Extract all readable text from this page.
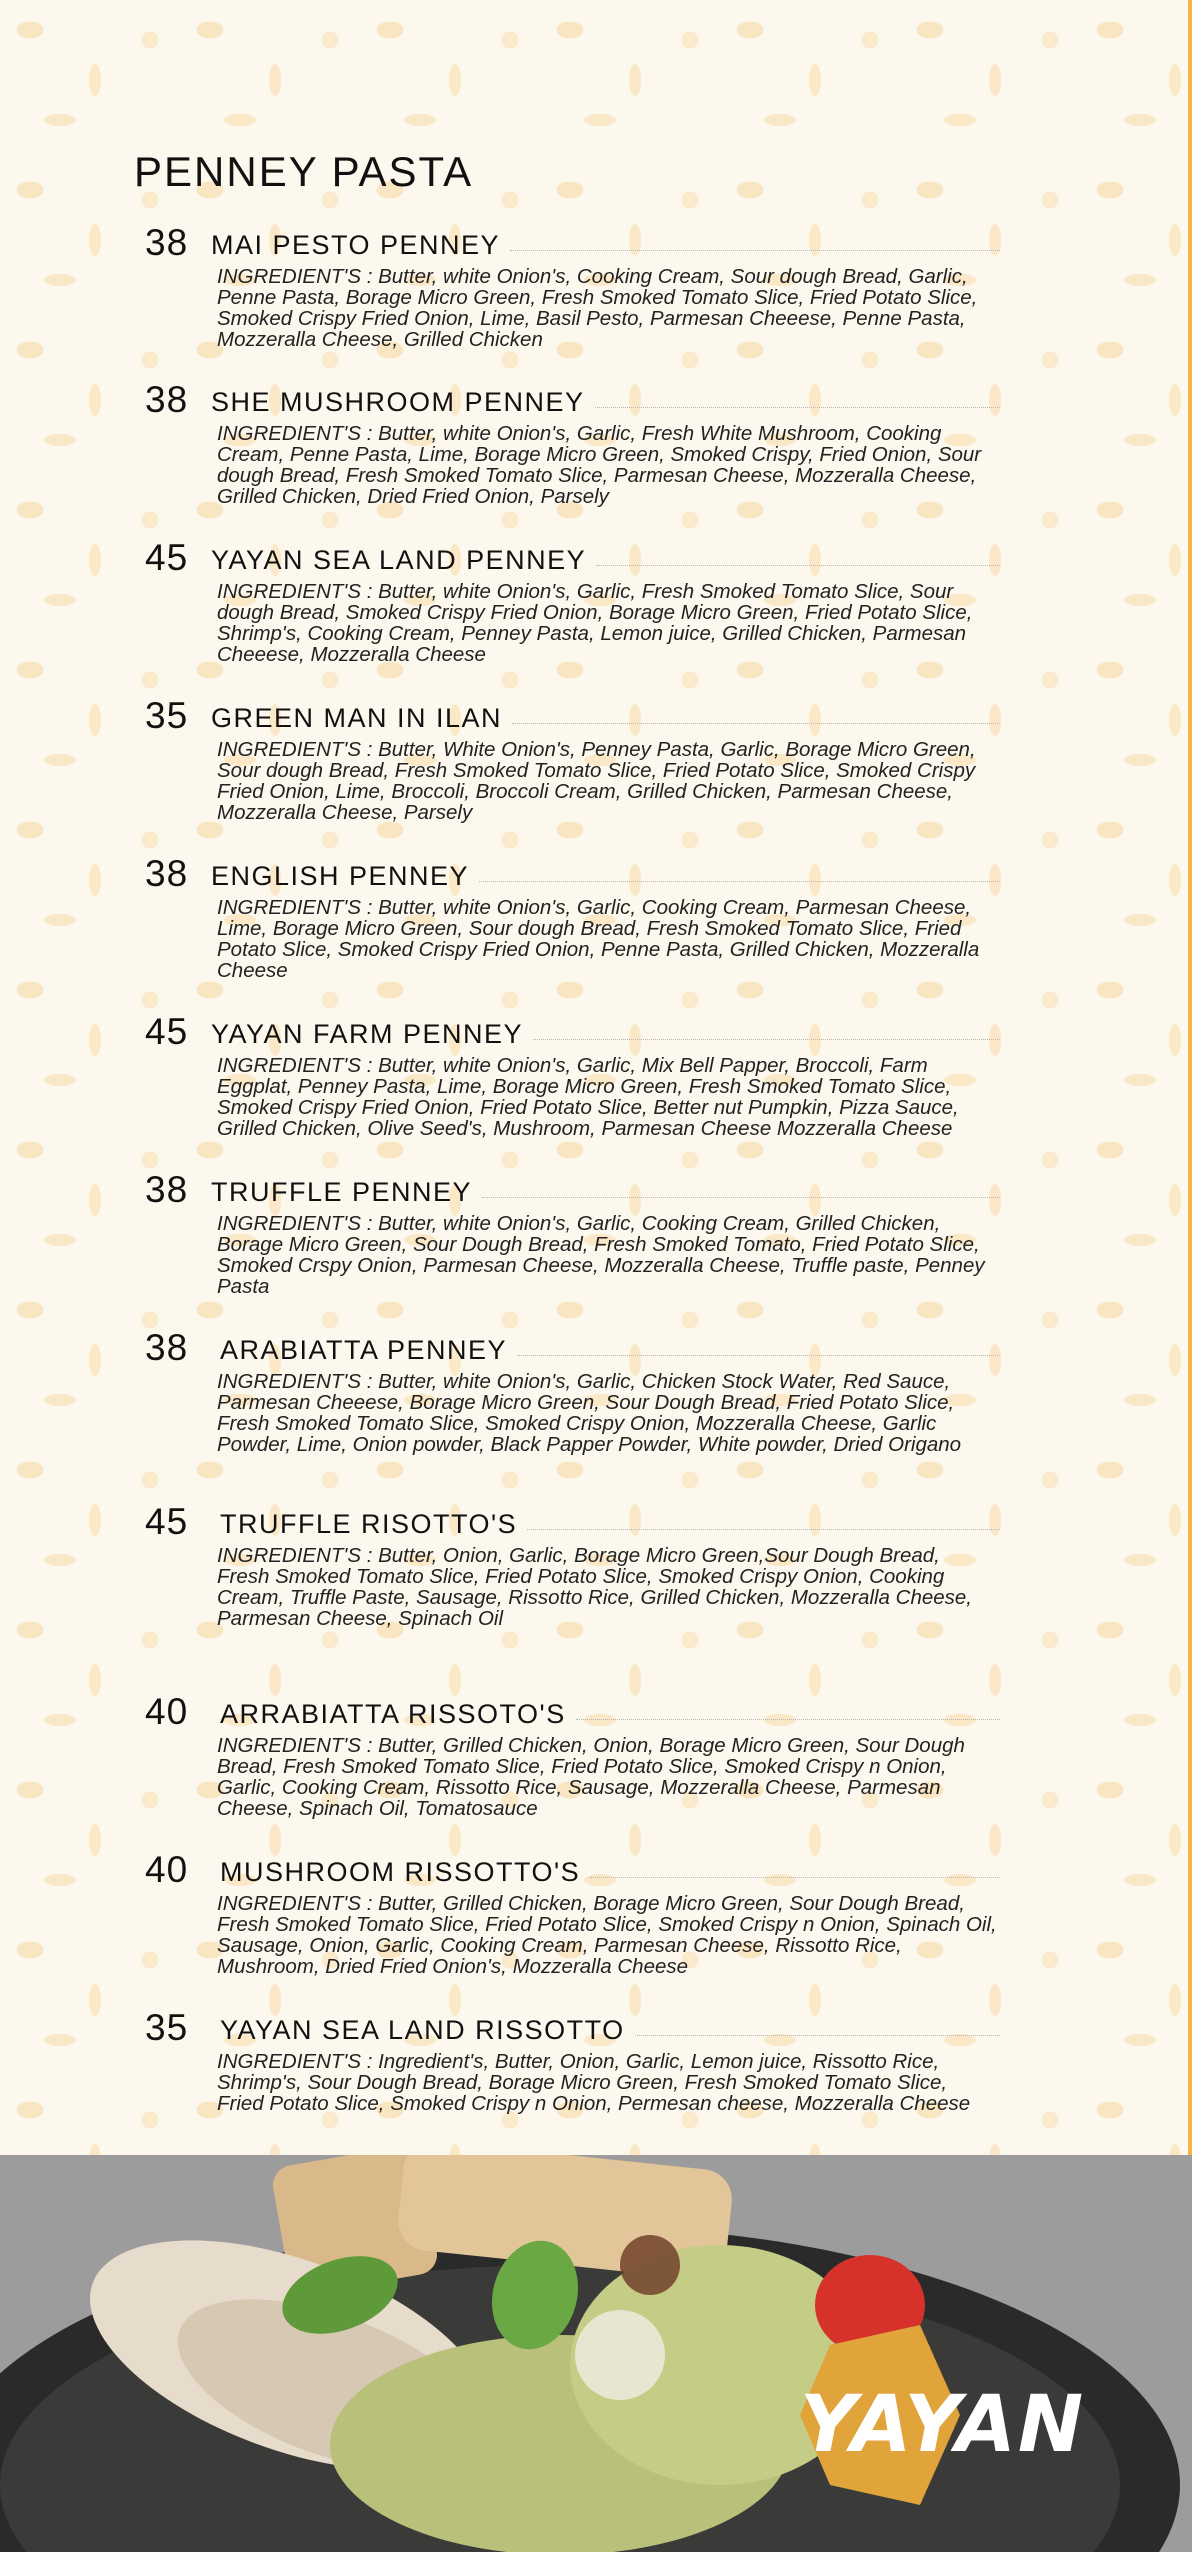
PENNEY PASTA
38 MAI PESTO PENNEY
INGREDIENT'S : Butter, white Onion's, Cooking Cream, Sour dough Bread, Garlic, Penne Pasta, Borage Micro Green, Fresh Smoked Tomato Slice, Fried Potato Slice, Smoked Crispy Fried Onion, Lime, Basil Pesto, Parmesan Cheeese, Penne Pasta, Mozzeralla Cheese, Grilled Chicken
38 SHE MUSHROOM PENNEY
INGREDIENT'S : Butter, white Onion's, Garlic, Fresh White Mushroom, Cooking Cream, Penne Pasta, Lime, Borage Micro Green, Smoked Crispy, Fried Onion, Sour dough Bread, Fresh Smoked Tomato Slice, Parmesan Cheese, Mozzeralla Cheese, Grilled Chicken, Dried Fried Onion, Parsely
45 YAYAN SEA LAND PENNEY
INGREDIENT'S : Butter, white Onion's, Garlic, Fresh Smoked Tomato Slice, Sour dough Bread, Smoked Crispy Fried Onion, Borage Micro Green, Fried Potato Slice, Shrimp's, Cooking Cream, Penney Pasta, Lemon juice, Grilled Chicken, Parmesan Cheeese, Mozzeralla Cheese
35 GREEN MAN IN ILAN
INGREDIENT'S : Butter, White Onion's, Penney Pasta, Garlic, Borage Micro Green, Sour dough Bread, Fresh Smoked Tomato Slice, Fried Potato Slice, Smoked Crispy Fried Onion, Lime, Broccoli, Broccoli Cream, Grilled Chicken, Parmesan Cheese, Mozzeralla Cheese, Parsely
38 ENGLISH PENNEY
INGREDIENT'S : Butter, white Onion's, Garlic, Cooking Cream, Parmesan Cheese, Lime, Borage Micro Green, Sour dough Bread, Fresh Smoked Tomato Slice, Fried Potato Slice, Smoked Crispy Fried Onion, Penne Pasta, Grilled Chicken, Mozzeralla Cheese
45 YAYAN FARM PENNEY
INGREDIENT'S : Butter, white Onion's, Garlic, Mix Bell Papper, Broccoli, Farm Eggplat, Penney Pasta, Lime, Borage Micro Green, Fresh Smoked Tomato Slice, Smoked Crispy Fried Onion, Fried Potato Slice, Better nut Pumpkin, Pizza Sauce, Grilled Chicken, Olive Seed's, Mushroom, Parmesan Cheese Mozzeralla Cheese
38 TRUFFLE PENNEY
INGREDIENT'S : Butter, white Onion's, Garlic, Cooking Cream, Grilled Chicken, Borage Micro Green, Sour Dough Bread, Fresh Smoked Tomato, Fried Potato Slice, Smoked Crspy Onion, Parmesan Cheese, Mozzeralla Cheese, Truffle paste, Penney Pasta
38 ARABIATTA PENNEY
INGREDIENT'S : Butter, white Onion's, Garlic, Chicken Stock Water, Red Sauce, Parmesan Cheeese, Borage Micro Green, Sour Dough Bread, Fried Potato Slice, Fresh Smoked Tomato Slice, Smoked Crispy Onion, Mozzeralla Cheese, Garlic Powder, Lime, Onion powder, Black Papper Powder, White powder, Dried Origano
45 TRUFFLE RISOTTO'S
INGREDIENT'S : Butter, Onion, Garlic, Borage Micro Green,Sour Dough Bread, Fresh Smoked Tomato Slice, Fried Potato Slice, Smoked Crispy Onion, Cooking Cream, Truffle Paste, Sausage, Rissotto Rice, Grilled Chicken, Mozzeralla Cheese, Parmesan Cheese, Spinach Oil
40 ARRABIATTA RISSOTO'S
INGREDIENT'S : Butter, Grilled Chicken, Onion, Borage Micro Green, Sour Dough Bread, Fresh Smoked Tomato Slice, Fried Potato Slice, Smoked Crispy n Onion, Garlic, Cooking Cream, Rissotto Rice, Sausage, Mozzeralla Cheese, Parmesan Cheese, Spinach Oil, Tomatosauce
40 MUSHROOM RISSOTTO'S
INGREDIENT'S : Butter, Grilled Chicken, Borage Micro Green, Sour Dough Bread, Fresh Smoked Tomato Slice, Fried Potato Slice, Smoked Crispy n Onion, Spinach Oil, Sausage, Onion, Garlic, Cooking Cream, Parmesan Cheese, Rissotto Rice, Mushroom, Dried Fried Onion's, Mozzeralla Cheese
35 YAYAN SEA LAND RISSOTTO
INGREDIENT'S : Ingredient's, Butter, Onion, Garlic, Lemon juice, Rissotto Rice, Shrimp's, Sour Dough Bread, Borage Micro Green, Fresh Smoked Tomato Slice, Fried Potato Slice, Smoked Crispy n Onion, Permesan cheese, Mozzeralla Cheese
YAYAN
